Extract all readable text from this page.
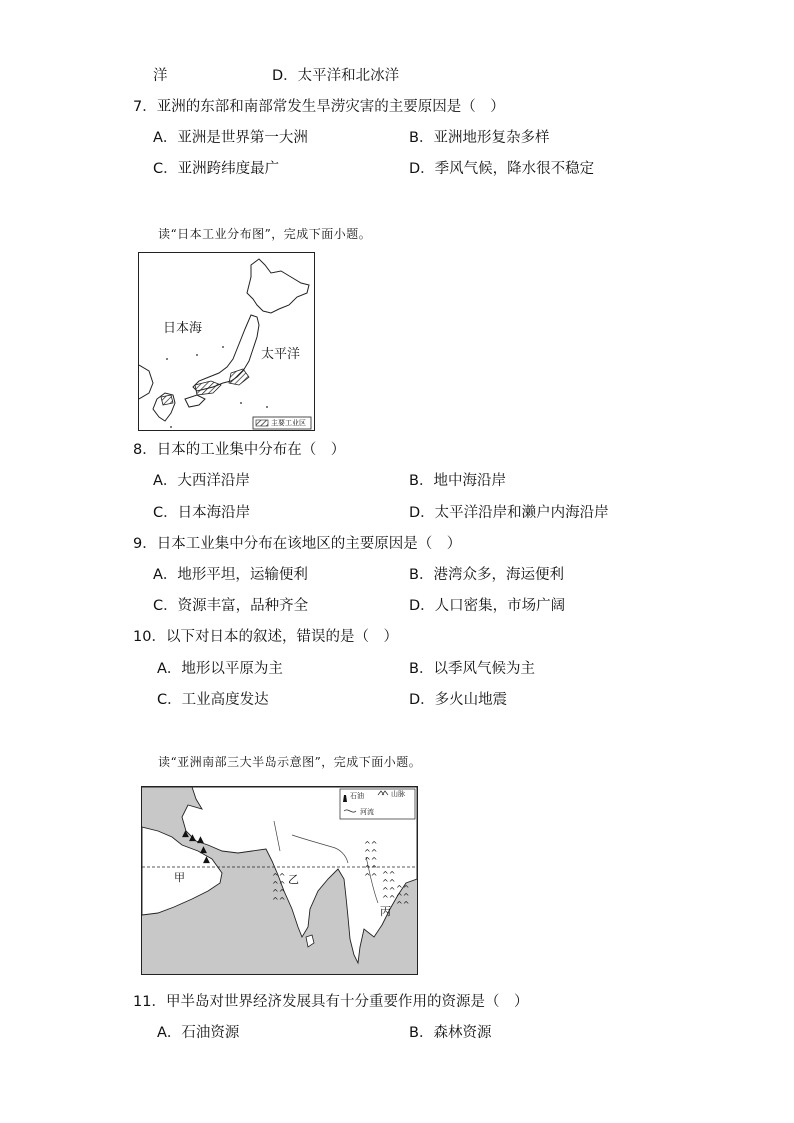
洋	D．太平洋和北冰洋
7．亚洲的东部和南部常发生旱涝灾害的主要原因是（　）
A．亚洲是世界第一大洲	B．亚洲地形复杂多样
C．亚洲跨纬度最广	D．季风气候，降水很不稳定
读“日本工业分布图”，完成下面小题。
日本海
太平洋
主要工业区
8．日本的工业集中分布在（　）
A．大西洋沿岸	B．地中海沿岸
C．日本海沿岸	D．太平洋沿岸和濑户内海沿岸
9．日本工业集中分布在该地区的主要原因是（　）
A．地形平坦，运输便利	B．港湾众多，海运便利
C．资源丰富，品种齐全	D．人口密集，市场广阔
10．以下对日本的叙述，错误的是（　）
A．地形以平原为主	B．以季风气候为主
C．工业高度发达	D．多火山地震
读“亚洲南部三大半岛示意图”，完成下面小题。
▲ ▲ ▲
▲
▲
^^
^^
^^
^^
^^
^^
^^
^^
^^ ^^
^^
^^
^^
^^
^^
^^
甲	乙
丙
石油	山脉
河流
11．甲半岛对世界经济发展具有十分重要作用的资源是（　）
A．石油资源	B．森林资源
